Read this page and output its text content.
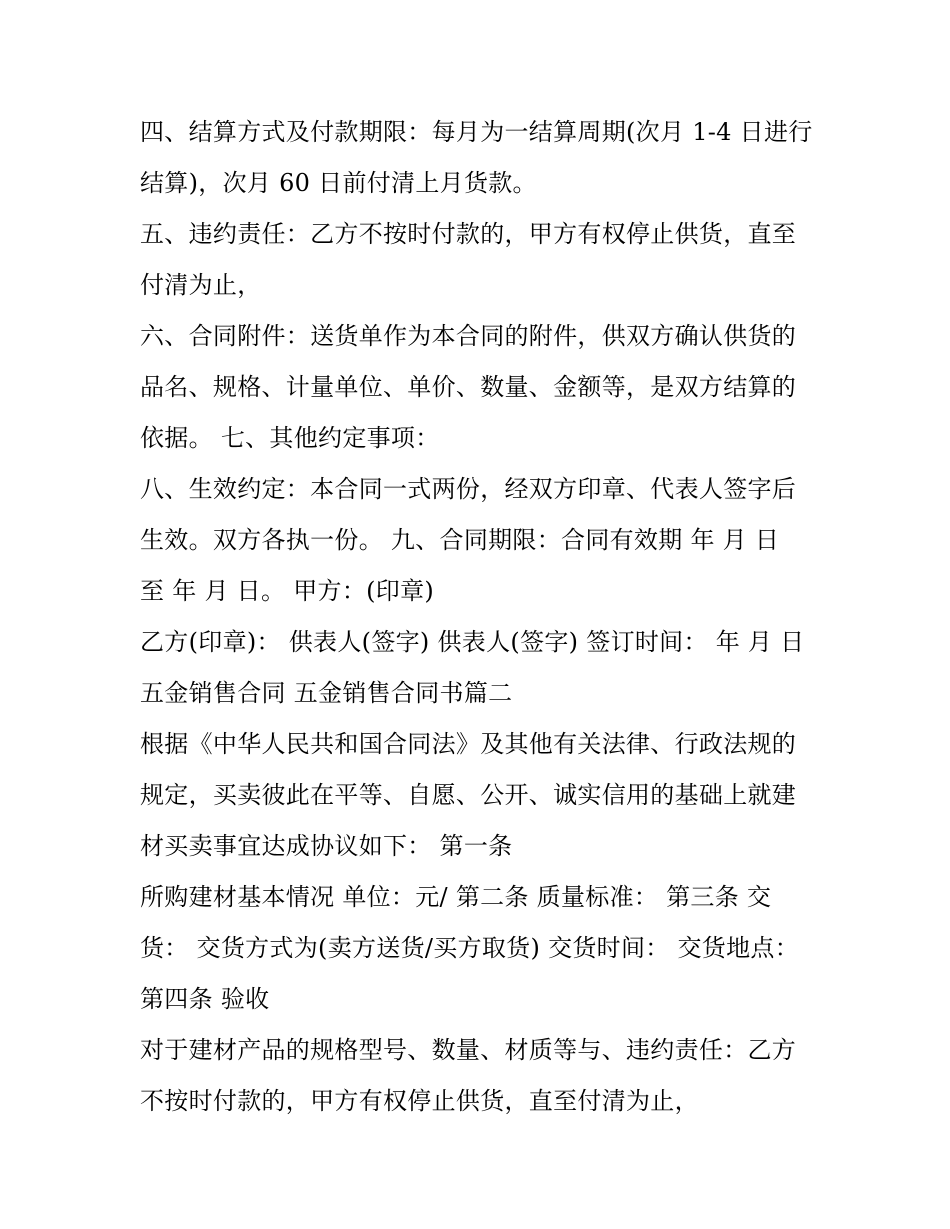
四、结算方式及付款期限：每月为一结算周期(次月 1-4 日进行
结算)，次月 60 日前付清上月货款。
五、违约责任：乙方不按时付款的，甲方有权停止供货，直至
付清为止，
六、合同附件：送货单作为本合同的附件，供双方确认供货的
品名、规格、计量单位、单价、数量、金额等，是双方结算的
依据。 七、其他约定事项：
八、生效约定：本合同一式两份，经双方印章、代表人签字后
生效。双方各执一份。 九、合同期限：合同有效期 年 月 日
至 年 月 日。 甲方：(印章)
乙方(印章)： 供表人(签字) 供表人(签字) 签订时间： 年 月 日
五金销售合同 五金销售合同书篇二
根据《中华人民共和国合同法》及其他有关法律、行政法规的
规定，买卖彼此在平等、自愿、公开、诚实信用的基础上就建
材买卖事宜达成协议如下： 第一条
所购建材基本情况 单位：元/ 第二条 质量标准： 第三条 交
货： 交货方式为(卖方送货/买方取货) 交货时间： 交货地点：
第四条 验收
对于建材产品的规格型号、数量、材质等与、违约责任：乙方
不按时付款的，甲方有权停止供货，直至付清为止，
